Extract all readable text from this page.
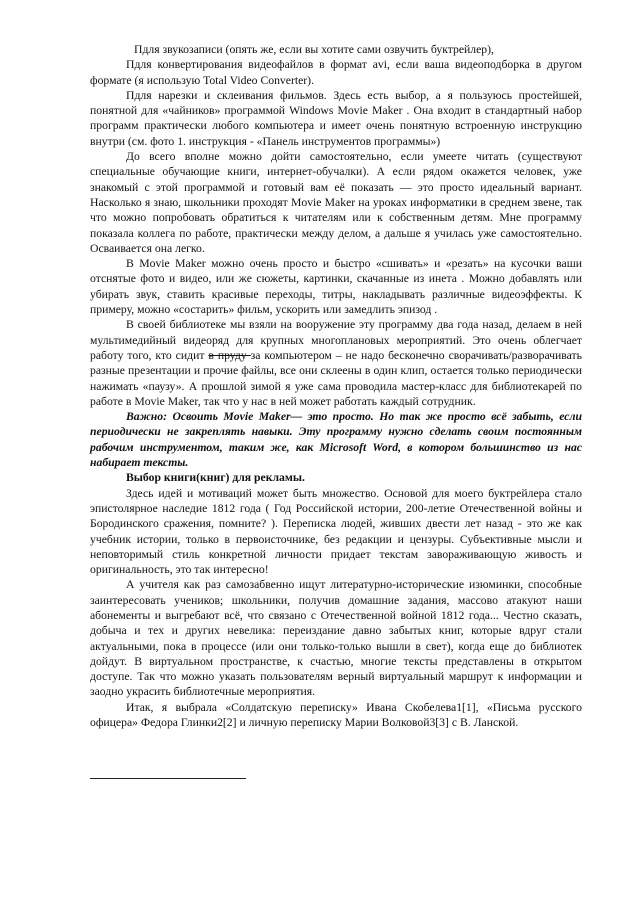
Пдля звукозаписи (опять же, если вы хотите сами озвучить буктрейлер),

Пдля конвертирования видеофайлов в формат avi, если ваша видеоподборка в другом формате (я использую Total Video Converter).

Пдля нарезки и склеивания фильмов. Здесь есть выбор, а я пользуюсь простейшей, понятной для «чайников» программой Windows Movie Maker . Она входит в стандартный набор программ практически любого компьютера и имеет очень понятную встроенную инструкцию внутри (см. фото 1. инструкция - «Панель инструментов программы»)

До всего вполне можно дойти самостоятельно, если умеете читать (существуют специальные обучающие книги, интернет-обучалки). А если рядом окажется человек, уже знакомый с этой программой и готовый вам её показать — это просто идеальный вариант. Насколько я знаю, школьники проходят Movie Maker на уроках информатики в среднем звене, так что можно попробовать обратиться к читателям или к собственным детям. Мне программу показала коллега по работе, практически между делом, а дальше я училась уже самостоятельно. Осваивается она легко.

В Movie Maker можно очень просто и быстро «сшивать» и «резать» на кусочки ваши отснятые фото и видео, или же сюжеты, картинки, скачанные из инета . Можно добавлять или убирать звук, ставить красивые переходы, титры, накладывать различные видеоэффекты. К примеру, можно «состарить» фильм, ускорить или замедлить эпизод .

В своей библиотеке мы взяли на вооружение эту программу два года назад, делаем в ней мультимедийный видеоряд для крупных многоплановых мероприятий. Это очень облегчает работу того, кто сидит в пруду за компьютером – не надо бесконечно сворачивать/разворачивать разные презентации и прочие файлы, все они склеены в один клип, остается только периодически нажимать «паузу». А прошлой зимой я уже сама проводила мастер-класс для библиотекарей по работе в Movie Maker, так что у нас в ней может работать каждый сотрудник.

Важно: Освоить Movie Maker— это просто. Но так же просто всё забыть, если периодически не закреплять навыки. Эту программу нужно сделать своим постоянным рабочим инструментом, таким же, как Microsoft Word, в котором большинство из нас набирает тексты.

Выбор книги(книг) для рекламы.

Здесь идей и мотиваций может быть множество. Основой для моего буктрейлера стало эпистолярное наследие 1812 года ( Год Российской истории, 200-летие Отечественной войны и Бородинского сражения, помните? ). Переписка людей, живших двести лет назад - это же как учебник истории, только в первоисточнике, без редакции и цензуры. Субъективные мысли и неповторимый стиль конкретной личности придает текстам завораживающую живость и оригинальность, это так интересно!

А учителя как раз самозабвенно ищут литературно-исторические изюминки, способные заинтересовать учеников; школьники, получив домашние задания, массово атакуют наши абонементы и выгребают всё, что связано с Отечественной войной 1812 года... Честно сказать, добыча и тех и других невелика: переиздание давно забытых книг, которые вдруг стали актуальными, пока в процессе (или они только-только вышли в свет), когда еще до библиотек дойдут. В виртуальном пространстве, к счастью, многие тексты представлены в открытом доступе. Так что можно указать пользователям верный виртуальный маршрут к информации и заодно украсить библиотечные мероприятия.

Итак, я выбрала «Солдатскую переписку» Ивана Скобелева1[1], «Письма русского офицера» Федора Глинки2[2] и личную переписку Марии Волковой3[3] с В. Ланской.
